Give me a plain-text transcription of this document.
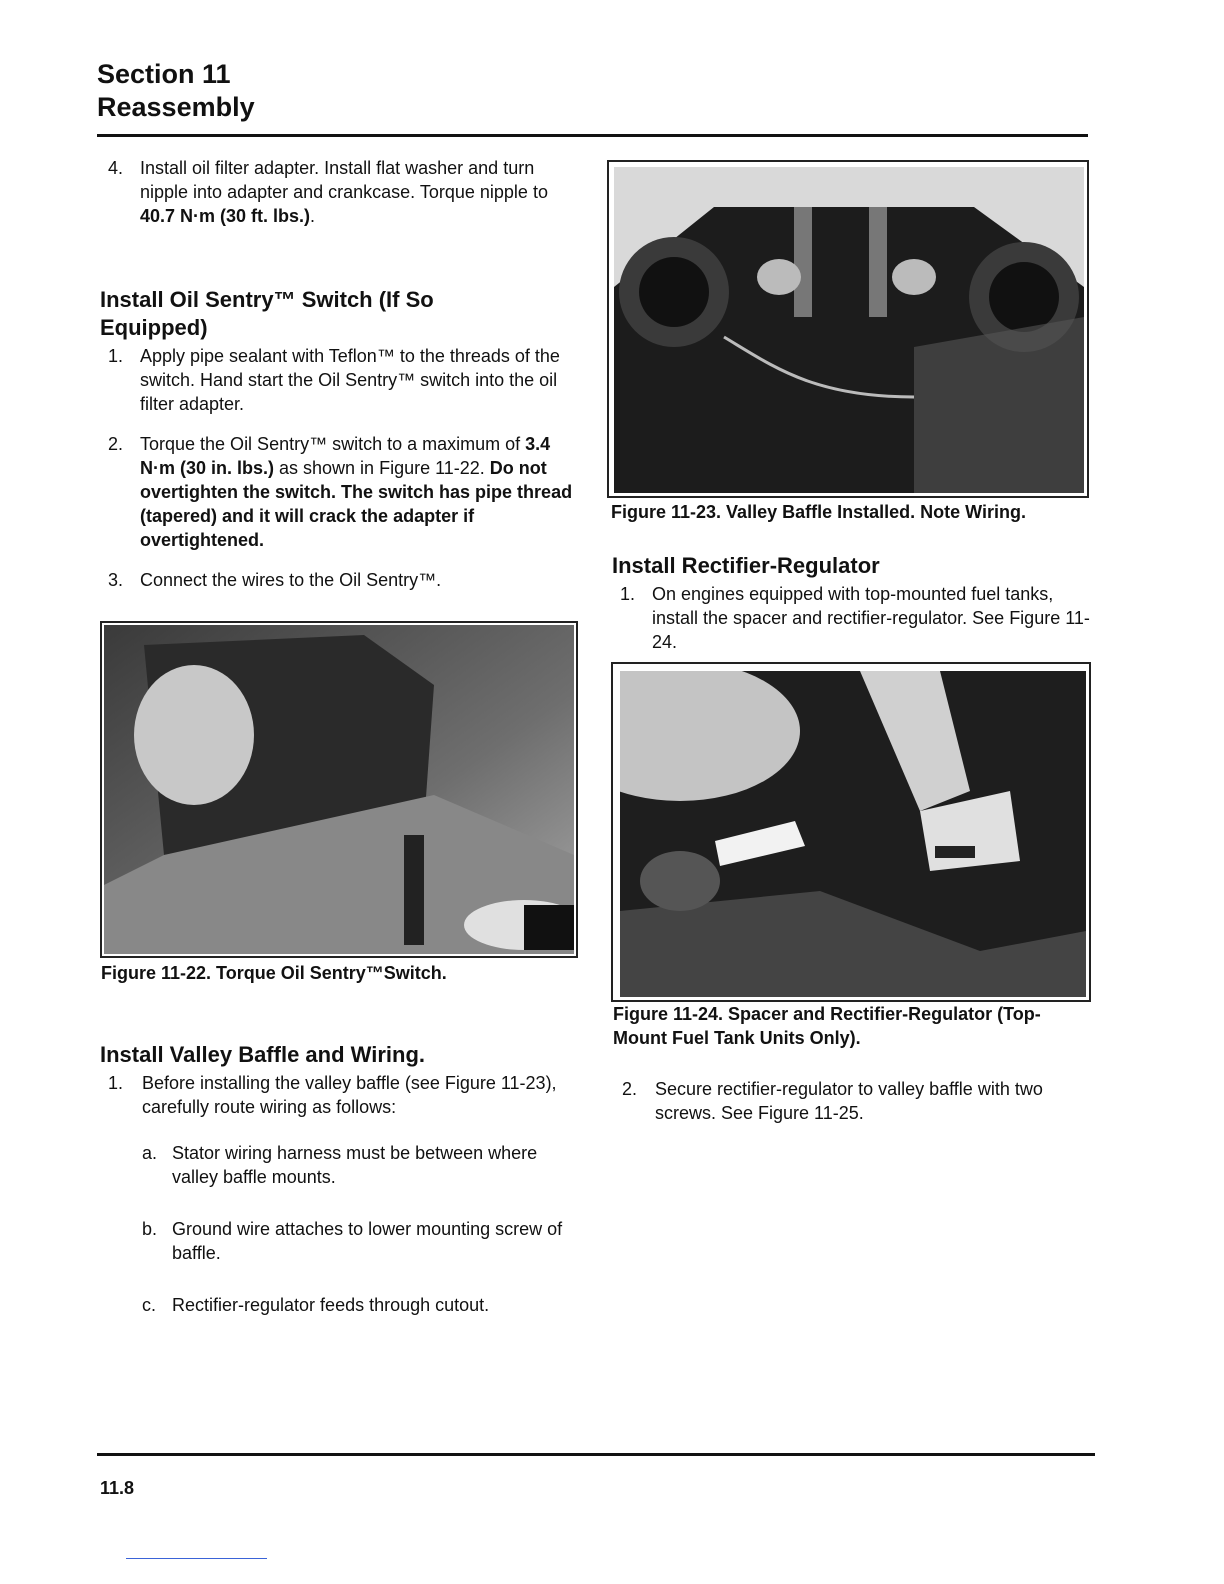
Section 11
Reassembly

4. Install oil filter adapter. Install flat washer and turn nipple into adapter and crankcase. Torque nipple to 40.7 N·m (30 ft. lbs.).

Install Oil Sentry™ Switch (If So Equipped)

1. Apply pipe sealant with Teflon™ to the threads of the switch. Hand start the Oil Sentry™ switch into the oil filter adapter.

2. Torque the Oil Sentry™ switch to a maximum of 3.4 N·m (30 in. lbs.) as shown in Figure 11-22. Do not overtighten the switch. The switch has pipe thread (tapered) and it will crack the adapter if overtightened.

3. Connect the wires to the Oil Sentry™.

Figure 11-22. Torque Oil Sentry™Switch.
Install Valley Baffle and Wiring.

1. Before installing the valley baffle (see Figure 11-23), carefully route wiring as follows:

a. Stator wiring harness must be between where valley baffle mounts.

b. Ground wire attaches to lower mounting screw of baffle.

c. Rectifier-regulator feeds through cutout.

Figure 11-23. Valley Baffle Installed. Note Wiring.
Install Rectifier-Regulator

1. On engines equipped with top-mounted fuel tanks, install the spacer and rectifier-regulator. See Figure 11-24.

Figure 11-24. Spacer and Rectifier-Regulator (Top-Mount Fuel Tank Units Only).

2. Secure rectifier-regulator to valley baffle with two screws. See Figure 11-25.

11.8
